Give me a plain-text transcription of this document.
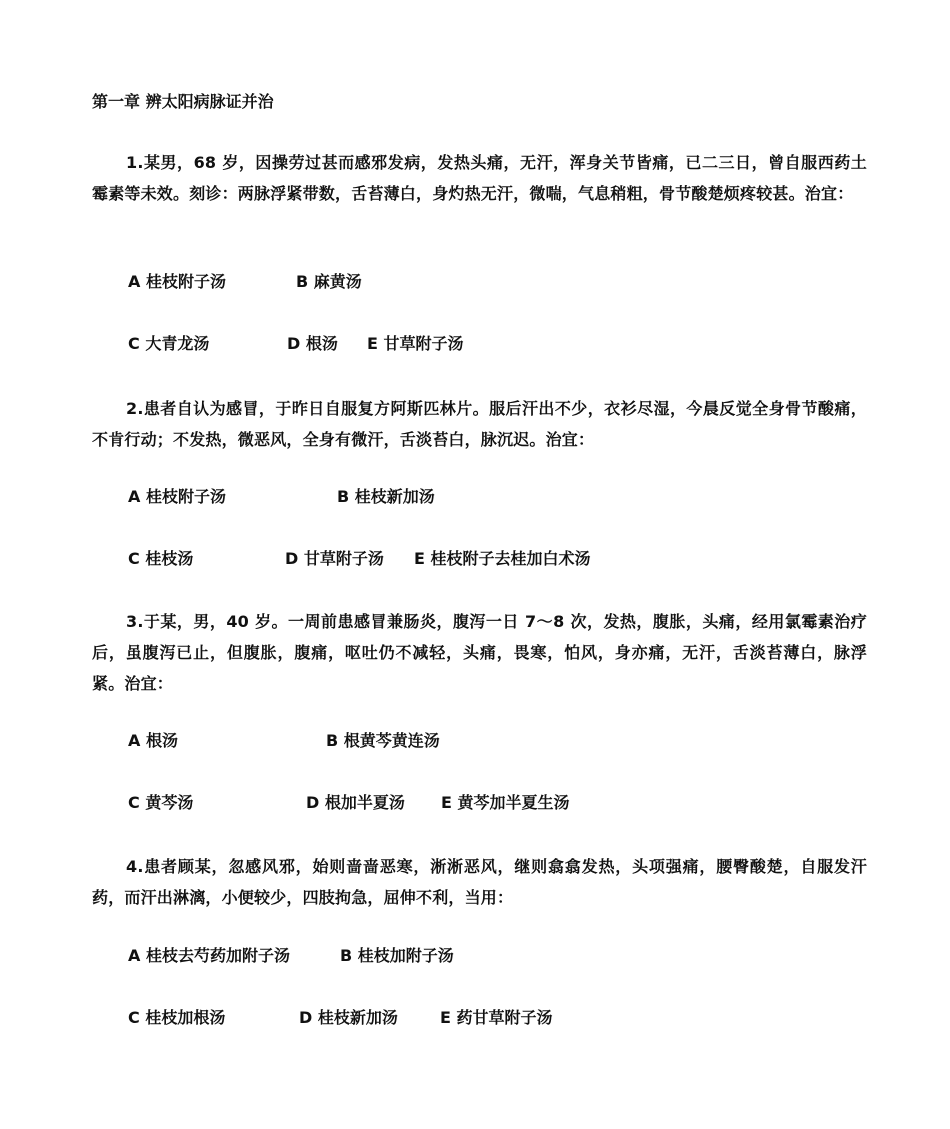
第一章 辨太阳病脉证并治
1.某男，68 岁，因操劳过甚而感邪发病，发热头痛，无汗，浑身关节皆痛，已二三日，曾自服西药土霉素等未效。刻诊：两脉浮紧带数，舌苔薄白，身灼热无汗，微喘，气息稍粗，骨节酸楚烦疼较甚。治宜：
A 桂枝附子汤	B 麻黄汤
C 大青龙汤	D 根汤 E 甘草附子汤
2.患者自认为感冒，于昨日自服复方阿斯匹林片。服后汗出不少，衣衫尽湿，今晨反觉全身骨节酸痛，不肯行动；不发热，微恶风，全身有微汗，舌淡苔白，脉沉迟。治宜：
A 桂枝附子汤	B 桂枝新加汤
C 桂枝汤	D 甘草附子汤 E 桂枝附子去桂加白术汤
3.于某，男，40 岁。一周前患感冒兼肠炎，腹泻一日 7～8 次，发热，腹胀，头痛，经用氯霉素治疗后，虽腹泻已止，但腹胀，腹痛，呕吐仍不减轻，头痛，畏寒，怕风，身亦痛，无汗，舌淡苔薄白，脉浮紧。治宜：
A 根汤	B 根黄芩黄连汤
C 黄芩汤	D 根加半夏汤 E 黄芩加半夏生汤
4.患者顾某，忽感风邪，始则啬啬恶寒，淅淅恶风，继则翕翕发热，头项强痛，腰臀酸楚，自服发汗药，而汗出淋漓，小便较少，四肢拘急，屈伸不利，当用：
A 桂枝去芍药加附子汤	B 桂枝加附子汤
C 桂枝加根汤	D 桂枝新加汤	E 药甘草附子汤
